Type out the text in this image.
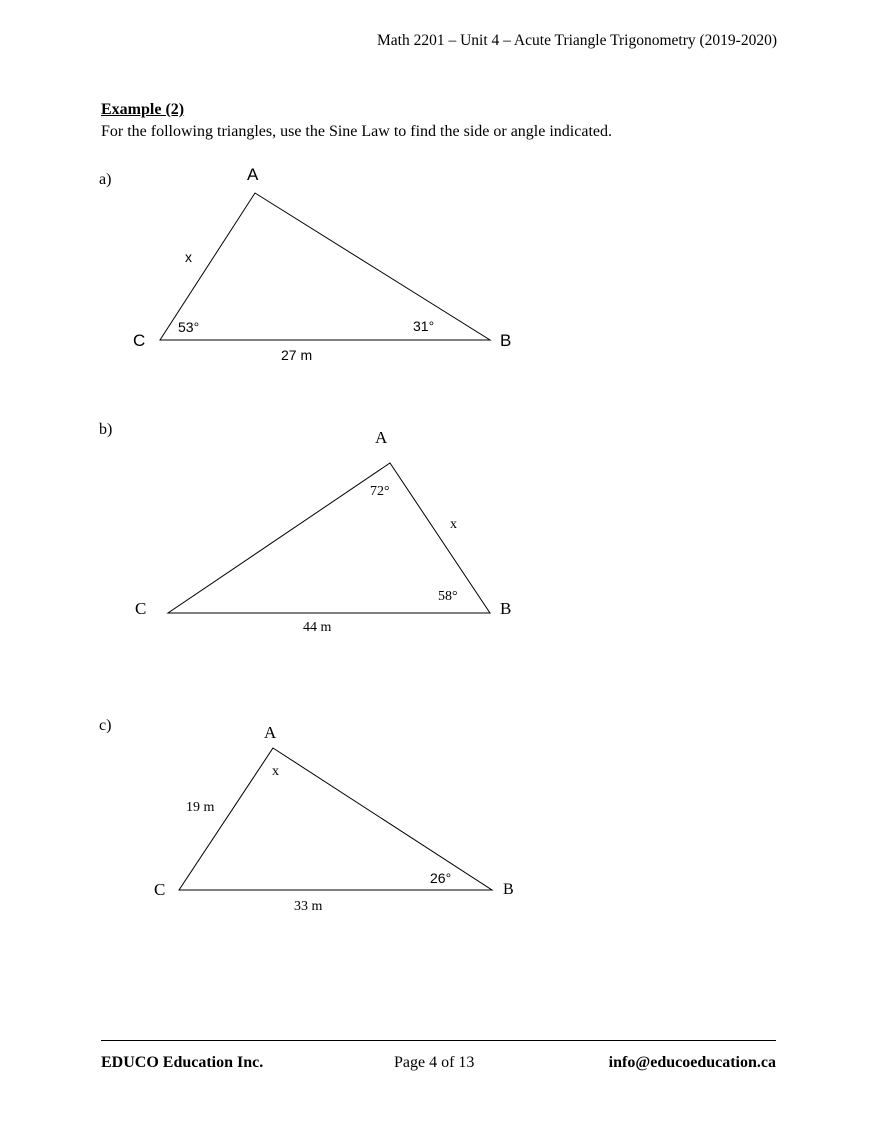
Math 2201 – Unit 4 – Acute Triangle Trigonometry (2019-2020)
Example (2)
For the following triangles, use the Sine Law to find the side or angle indicated.
a)	A
B
C
x
53°	31°
27 m
b)	A
B
C
72°
x
58°
44 m
c)	A
B
C
x
19 m
26°
33 m
EDUCO Education Inc.	Page 4 of 13	info@educoeducation.ca
